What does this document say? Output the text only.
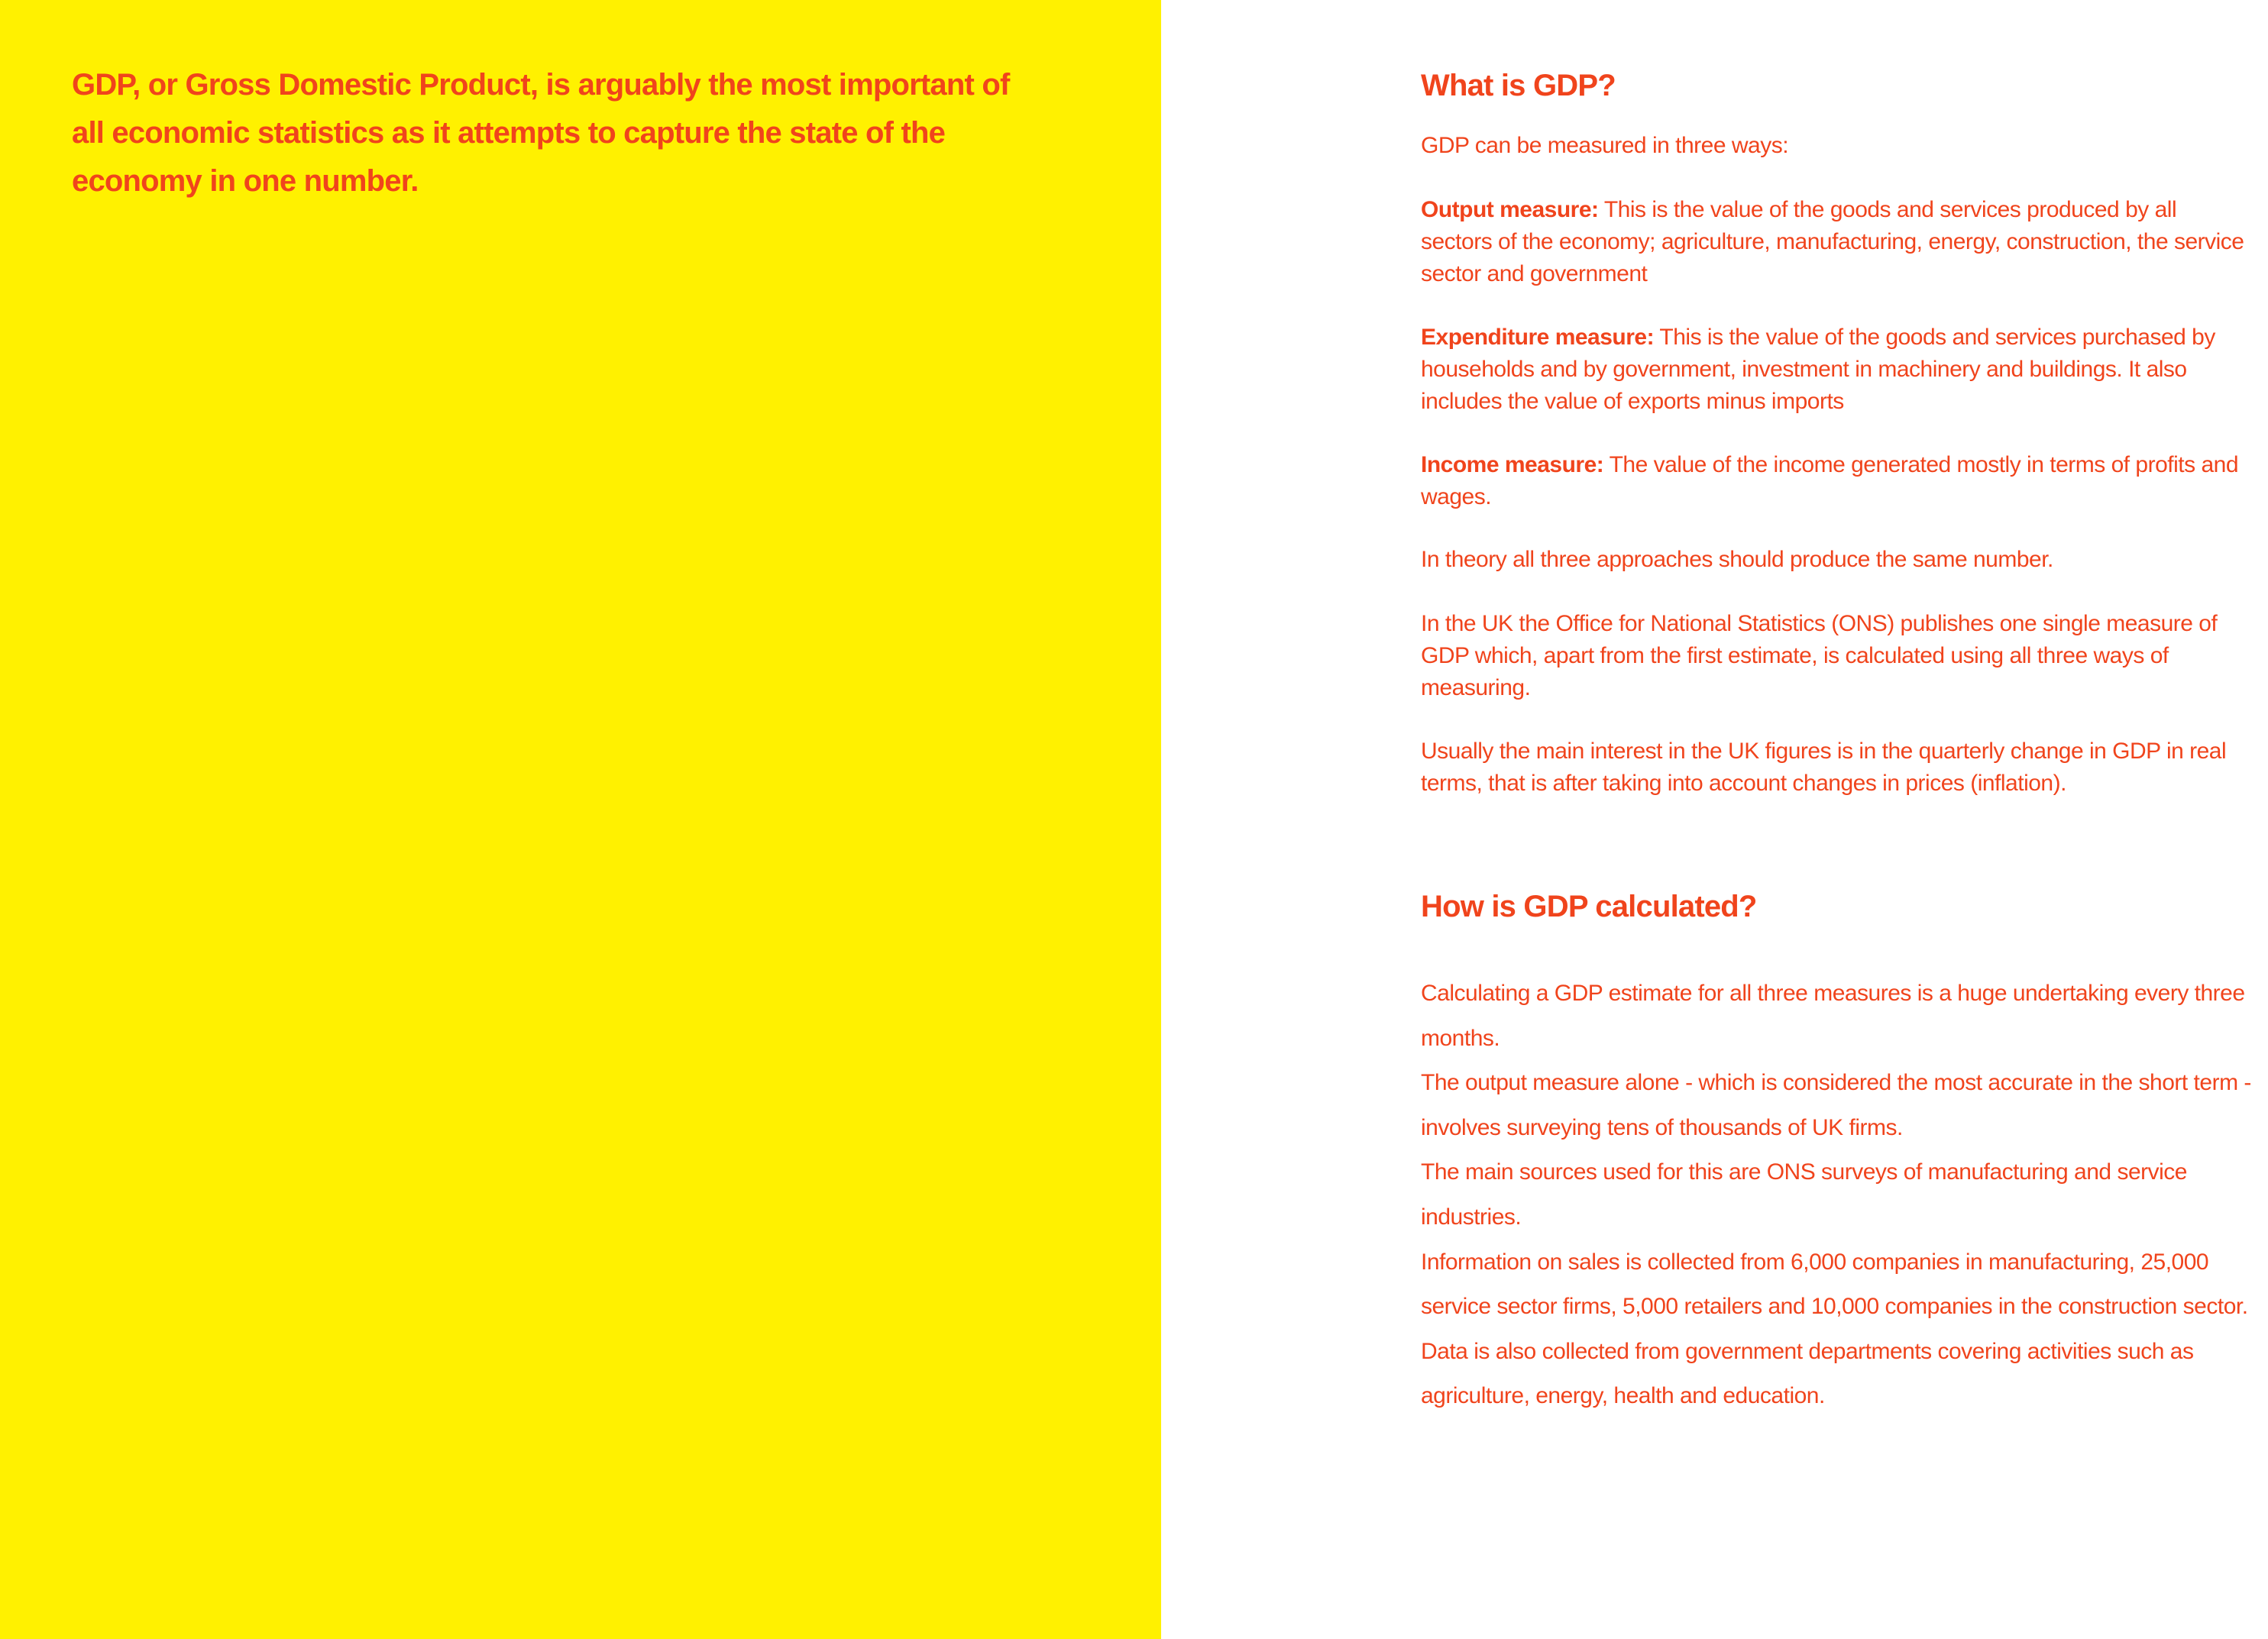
GDP, or Gross Domestic Product, is arguably the most important of all economic statistics as it attempts to capture the state of the economy in one number.

What is GDP?

GDP can be measured in three ways:

Output measure: This is the value of the goods and services produced by all sectors of the economy; agriculture, manufacturing, energy, construction, the service sector and government

Expenditure measure: This is the value of the goods and services purchased by households and by government, investment in machinery and buildings. It also includes the value of exports minus imports

Income measure: The value of the income generated mostly in terms of profits and wages.

In theory all three approaches should produce the same number.

In the UK the Office for National Statistics (ONS) publishes one single measure of GDP which, apart from the first estimate, is calculated using all three ways of measuring.

Usually the main interest in the UK figures is in the quarterly change in GDP in real terms, that is after taking into account changes in prices (inflation).

How is GDP calculated?

Calculating a GDP estimate for all three measures is a huge undertaking every three months.

The output measure alone - which is considered the most accurate in the short term - involves surveying tens of thousands of UK firms.

The main sources used for this are ONS surveys of manufacturing and service industries.

Information on sales is collected from 6,000 companies in manufacturing, 25,000 service sector firms, 5,000 retailers and 10,000 companies in the construction sector.

Data is also collected from government departments covering activities such as agriculture, energy, health and education.
